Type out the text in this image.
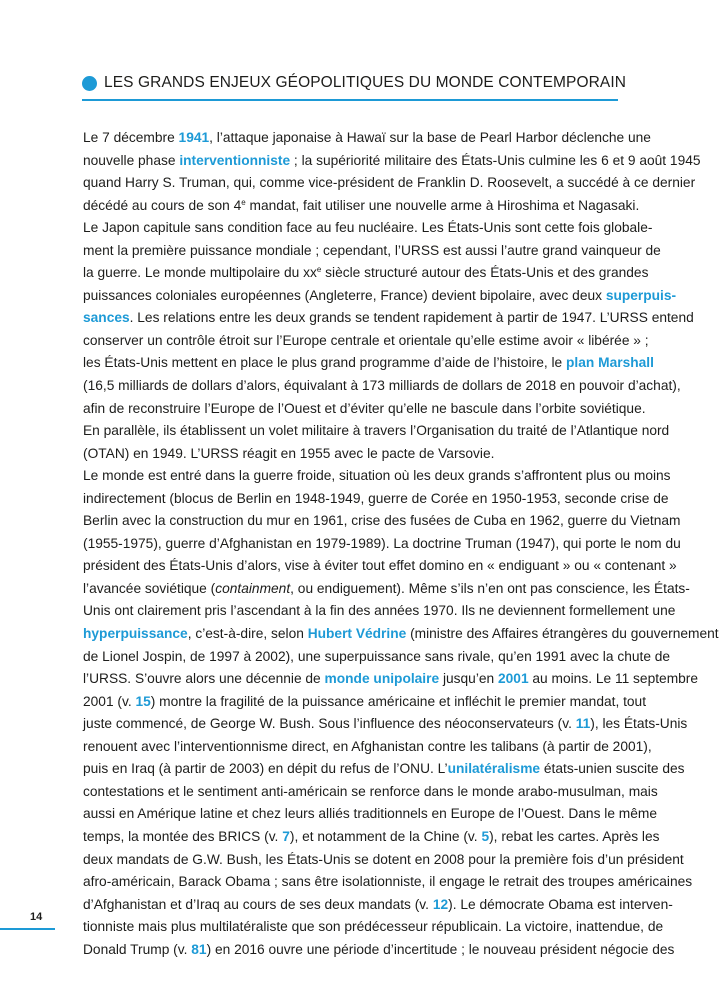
LES GRANDS ENJEUX GÉOPOLITIQUES DU MONDE CONTEMPORAIN
Le 7 décembre 1941, l’attaque japonaise à Hawaï sur la base de Pearl Harbor déclenche une
nouvelle phase interventionniste ; la supériorité militaire des États-Unis culmine les 6 et 9 août 1945
quand Harry S. Truman, qui, comme vice-président de Franklin D. Roosevelt, a succédé à ce dernier
décédé au cours de son 4e mandat, fait utiliser une nouvelle arme à Hiroshima et Nagasaki.
Le Japon capitule sans condition face au feu nucléaire. Les États-Unis sont cette fois globale-
ment la première puissance mondiale ; cependant, l’URSS est aussi l’autre grand vainqueur de
la guerre. Le monde multipolaire du $xx^e$ siècle structuré autour des États-Unis et des grandes
puissances coloniales européennes (Angleterre, France) devient bipolaire, avec deux superpuis-
sances. Les relations entre les deux grands se tendent rapidement à partir de 1947. L’URSS entend
conserver un contrôle étroit sur l’Europe centrale et orientale qu’elle estime avoir « libérée » ;
les États-Unis mettent en place le plus grand programme d’aide de l’histoire, le plan Marshall
(16,5 milliards de dollars d’alors, équivalant à 173 milliards de dollars de 2018 en pouvoir d’achat),
afin de reconstruire l’Europe de l’Ouest et d’éviter qu’elle ne bascule dans l’orbite soviétique.
En parallèle, ils établissent un volet militaire à travers l’Organisation du traité de l’Atlantique nord
(OTAN) en 1949. L’URSS réagit en 1955 avec le pacte de Varsovie.
Le monde est entré dans la guerre froide, situation où les deux grands s’affrontent plus ou moins
indirectement (blocus de Berlin en 1948-1949, guerre de Corée en 1950-1953, seconde crise de
Berlin avec la construction du mur en 1961, crise des fusées de Cuba en 1962, guerre du Vietnam
(1955-1975), guerre d’Afghanistan en 1979-1989). La doctrine Truman (1947), qui porte le nom du
président des États-Unis d’alors, vise à éviter tout effet domino en « endiguant » ou « contenant »
l’avancée soviétique (containment, ou endiguement). Même s’ils n’en ont pas conscience, les États-
Unis ont clairement pris l’ascendant à la fin des années 1970. Ils ne deviennent formellement une
hyperpuissance, c’est-à-dire, selon Hubert Védrine (ministre des Affaires étrangères du gouvernement
de Lionel Jospin, de 1997 à 2002), une superpuissance sans rivale, qu’en 1991 avec la chute de
l’URSS. S’ouvre alors une décennie de monde unipolaire jusqu’en 2001 au moins. Le 11 septembre
2001 (v. 15) montre la fragilité de la puissance américaine et infléchit le premier mandat, tout
juste commencé, de George W. Bush. Sous l’influence des néoconservateurs (v. 11), les États-Unis
renouent avec l’interventionnisme direct, en Afghanistan contre les talibans (à partir de 2001),
puis en Iraq (à partir de 2003) en dépit du refus de l’ONU. L’unilatéralisme états-unien suscite des
contestations et le sentiment anti-américain se renforce dans le monde arabo-musulman, mais
aussi en Amérique latine et chez leurs alliés traditionnels en Europe de l’Ouest. Dans le même
temps, la montée des BRICS (v. 7), et notamment de la Chine (v. 5), rebat les cartes. Après les
deux mandats de G.W. Bush, les États-Unis se dotent en 2008 pour la première fois d’un président
afro-américain, Barack Obama ; sans être isolationniste, il engage le retrait des troupes américaines
d’Afghanistan et d’Iraq au cours de ses deux mandats (v. 12). Le démocrate Obama est interven-
tionniste mais plus multilatéraliste que son prédécesseur républicain. La victoire, inattendue, de
Donald Trump (v. 81) en 2016 ouvre une période d’incertitude ; le nouveau président négocie des
14
